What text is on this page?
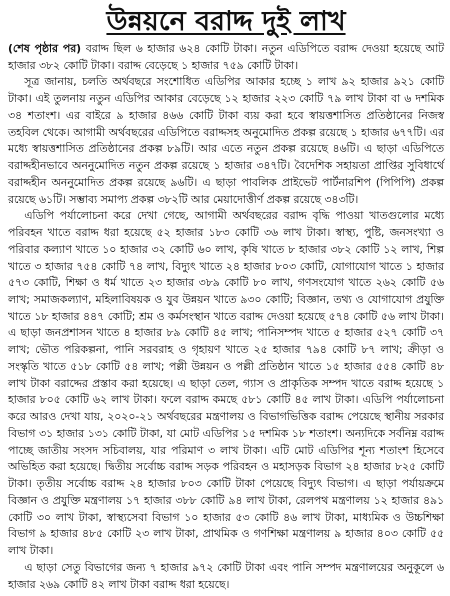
উন্নয়নে বরাদ্দ দুই লাখ

(শেষ পৃষ্ঠার পর) বরাদ্দ ছিল ৬ হাজার ৬২৪ কোটি টাকা। নতুন এডিপিতে বরাদ্দ দেওয়া হয়েছে আট হাজার ৩৮২ কোটি টাকা। বরাদ্দ বেড়েছে ১ হাজার ৭৫৯ কোটি টাকা।

সূত্র জানায়, চলতি অর্থবছরে সংশোধিত এডিপির আকার হচ্ছে ১ লাখ ৯২ হাজার ৯২১ কোটি টাকা। এই তুলনায় নতুন এডিপির আকার বেড়েছে ১২ হাজার ২২৩ কোটি ৭৯ লাখ টাকা বা ৬ দশমিক ৩৪ শতাংশ। এর বাইরে ৯ হাজার ৪৬৬ কোটি টাকা ব্যয় করা হবে স্বায়ত্তশাসিত প্রতিষ্ঠানের নিজস্ব তহবিল থেকে। আগামী অর্থবছরের এডিপিতে বরাদ্দসহ অনুমোদিত প্রকল্প রয়েছে ১ হাজার ৬৭৭টি। এর মধ্যে স্বায়ত্তশাসিত প্রতিষ্ঠানের প্রকল্প ৮৯টি। আর এতে নতুন প্রকল্প রয়েছে ৪৬টি। এ ছাড়া এডিপিতে বরাদ্দহীনভাবে অননুমোদিত নতুন প্রকল্প রয়েছে ১ হাজার ৩৪৭টি। বৈদেশিক সহায়তা প্রাপ্তির সুবিধার্থে বরাদ্দহীন অননুমোদিত প্রকল্প রয়েছে ৯৬টি। এ ছাড়া পাবলিক প্রাইভেট পার্টনারশিপ (পিপিপি) প্রকল্প রয়েছে ৬১টি। সম্ভাব্য সমাপ্য প্রকল্প ৩৮২টি আর মেয়াদোত্তীর্ণ প্রকল্প রয়েছে ৩৪৩টি।

এডিপি পর্যালোচনা করে দেখা গেছে, আগামী অর্থবছরের বরাদ্দ বৃদ্ধি পাওয়া খাতগুলোর মধ্যে পরিবহন খাতে বরাদ্দ ধরা হয়েছে ৫২ হাজার ১৮৩ কোটি ৩৬ লাখ টাকা। স্বাস্থ্য, পুষ্টি, জনসংখ্যা ও পরিবার কল্যাণ খাতে ১০ হাজার ৩২ কোটি ৬০ লাখ, কৃষি খাতে ৮ হাজার ৩৮২ কোটি ১২ লাখ, শিল্প খাতে ৩ হাজার ৭৫৪ কোটি ৭৪ লাখ, বিদ্যুৎ খাতে ২৪ হাজার ৮০৩ কোটি, যোগাযোগ খাতে ১ হাজার ৫৭৩ কোটি, শিক্ষা ও ধর্ম খাতে ২৩ হাজার ৩৮৯ কোটি ৮০ লাখ, গণসংযোগ খাতে ২৬২ কোটি ৫৬ লাখ; সমাজকল্যাণ, মহিলাবিষয়ক ও যুব উন্নয়ন খাতে ৯৩০ কোটি; বিজ্ঞান, তথ্য ও যোগাযোগ প্রযুক্তি খাতে ১৮ হাজার ৪৪৭ কোটি; শ্রম ও কর্মসংস্থান খাতে বরাদ্দ দেওয়া হয়েছে ৫৭৪ কোটি ৫৬ লাখ টাকা। এ ছাড়া জনপ্রশাসন খাতে ৪ হাজার ৮৯ কোটি ৪৫ লাখ; পানিসম্পদ খাতে ৫ হাজার ৫২৭ কোটি ৩৭ লাখ; ভৌত পরিকল্পনা, পানি সরবরাহ ও গৃহায়ণ খাতে ২৫ হাজার ৭৯৪ কোটি ৮৭ লাখ; ক্রীড়া ও সংস্কৃতি খাতে ৫১৮ কোটি ৫৪ লাখ; পল্লী উন্নয়ন ও পল্লী প্রতিষ্ঠান খাতে ১৫ হাজার ৫৫৪ কোটি ৪৮ লাখ টাকা বরাদ্দের প্রস্তাব করা হয়েছে। এ ছাড়া তেল, গ্যাস ও প্রাকৃতিক সম্পদ খাতে বরাদ্দ হয়েছে ১ হাজার ৮০৫ কোটি ৬২ লাখ টাকা। ফলে বরাদ্দ কমছে ৫৮১ কোটি ৪৫ লাখ টাকা। এডিপি পর্যালোচনা করে আরও দেখা যায়, ২০২০-২১ অর্থবছরের মন্ত্রণালয় ও বিভাগভিত্তিক বরাদ্দ পেয়েছে স্থানীয় সরকার বিভাগ ৩১ হাজার ১৩১ কোটি টাকা, যা মোট এডিপির ১৫ দশমিক ১৮ শতাংশ। অন্যদিকে সর্বনিম্ন বরাদ্দ পাচ্ছে জাতীয় সংসদ সচিবালয়, যার পরিমাণ ৩ লাখ টাকা। এটি মোট এডিপির শূন্য শতাংশ হিসেবে অভিহিত করা হয়েছে। দ্বিতীয় সর্বোচ্চ বরাদ্দ সড়ক পরিবহন ও মহাসড়ক বিভাগ ২৪ হাজার ৮২৫ কোটি টাকা। তৃতীয় সর্বোচ্চ বরাদ্দ ২৪ হাজার ৮০৩ কোটি টাকা পেয়েছে বিদ্যুৎ বিভাগ। এ ছাড়া পর্যায়ক্রমে বিজ্ঞান ও প্রযুক্তি মন্ত্রণালয় ১৭ হাজার ৩৮৮ কোটি ৯৪ লাখ টাকা, রেলপথ মন্ত্রণালয় ১২ হাজার ৪৯১ কোটি ৩০ লাখ টাকা, স্বাস্থ্যসেবা বিভাগ ১০ হাজার ৫৩ কোটি ৪৬ লাখ টাকা, মাধ্যমিক ও উচ্চশিক্ষা বিভাগ ৯ হাজার ৪৮৫ কোটি ২৩ লাখ টাকা, প্রাথমিক ও গণশিক্ষা মন্ত্রণালয় ৯ হাজার ৪০৩ কোটি ৫৫ লাখ টাকা।

এ ছাড়া সেতু বিভাগের জন্য ৭ হাজার ৯৭২ কোটি টাকা এবং পানি সম্পদ মন্ত্রণালয়ের অনুকূলে ৬ হাজার ২৬৯ কোটি ৪২ লাখ টাকা বরাদ্দ ধরা হয়েছে।
